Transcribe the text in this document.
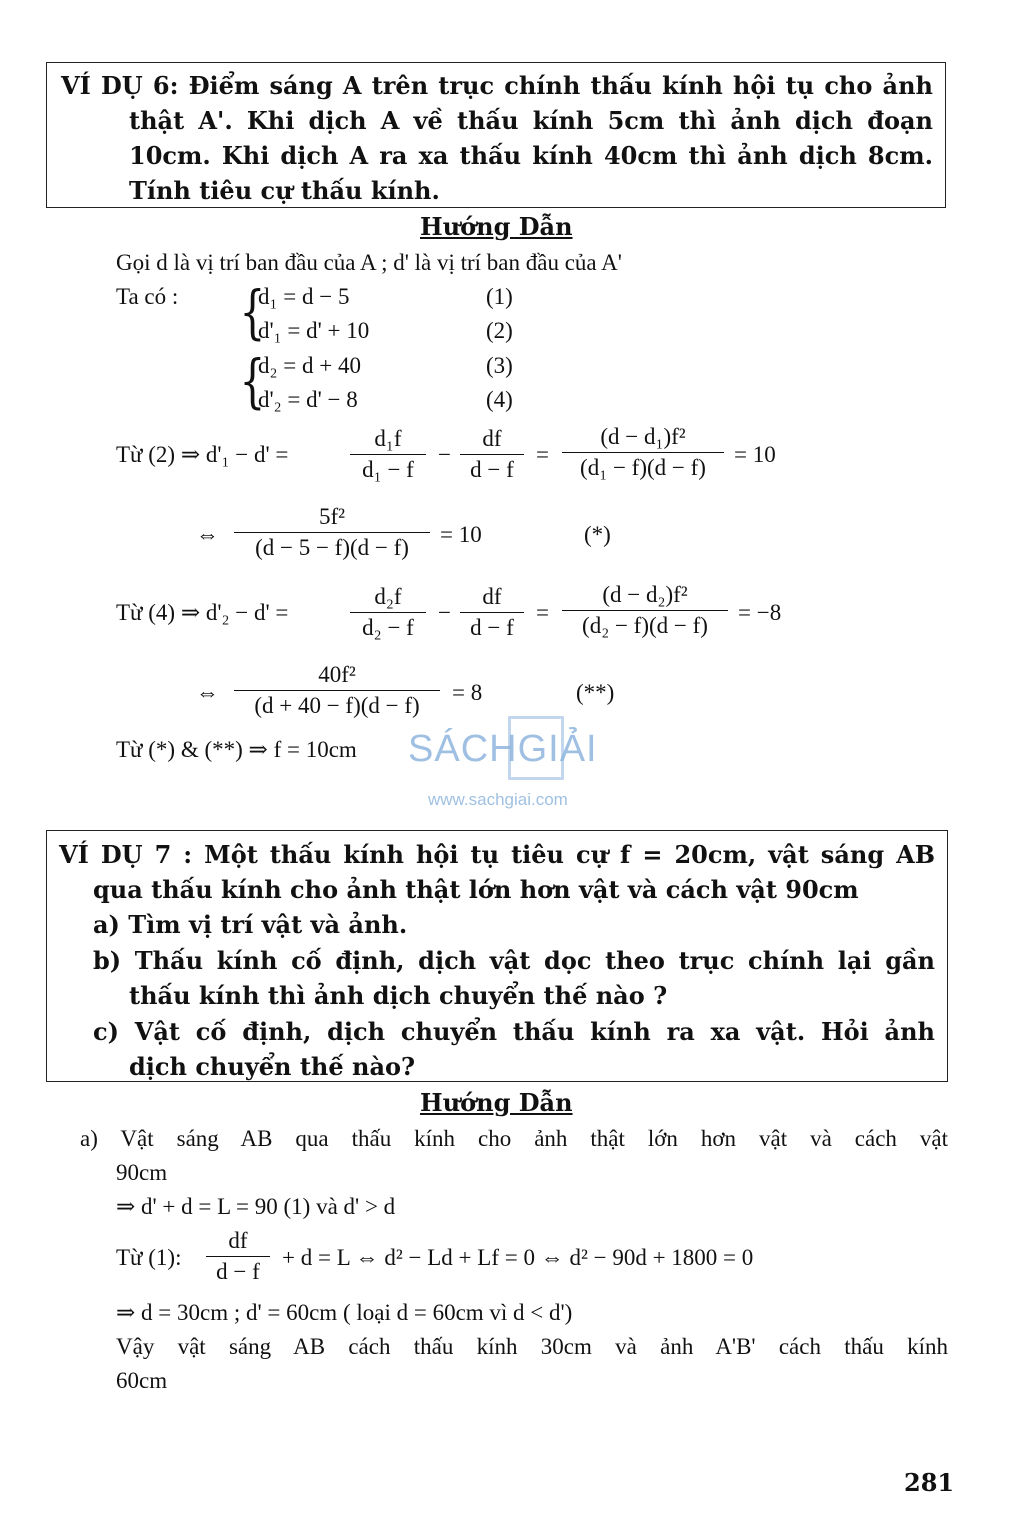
VÍ DỤ 6: Điểm sáng A trên trục chính thấu kính hội tụ cho ảnh
thật A'. Khi dịch A về thấu kính 5cm thì ảnh dịch đoạn
10cm. Khi dịch A ra xa thấu kính 40cm thì ảnh dịch 8cm.
Tính tiêu cự thấu kính.
Hướng Dẫn
Gọi d là vị trí ban đầu của A ; d' là vị trí ban đầu của A'
Ta có : {
d₁ = d − 5	(1)
d'₁ = d' + 10	(2)
{
d₂ = d + 40	(3)
d'₂ = d' − 8	(4)
Từ (2) ⇒ d'₁ − d' =
d₁f
d₁ − f
−
df
d − f
=
(d − d₁)f²
(d₁ − f)(d − f)
= 10
⇔
5f²
(d − 5 − f)(d − f)
= 10	(*)
Từ (4) ⇒ d'₂ − d' =
d₂f
d₂ − f
−
df
d − f
=
(d − d₂)f²
(d₂ − f)(d − f)
= −8
⇔
40f²
(d + 40 − f)(d − f)
= 8	(**)
Từ (*) & (**) ⇒ f = 10cm SÁCHGIẢI
www.sachgiai.com
VÍ DỤ 7 : Một thấu kính hội tụ tiêu cự f = 20cm, vật sáng AB
qua thấu kính cho ảnh thật lớn hơn vật và cách vật 90cm
a) Tìm vị trí vật và ảnh.
b) Thấu kính cố định, dịch vật dọc theo trục chính lại gần
thấu kính thì ảnh dịch chuyển thế nào ?
c) Vật cố định, dịch chuyển thấu kính ra xa vật. Hỏi ảnh
dịch chuyển thế nào?
Hướng Dẫn
a) Vật sáng AB qua thấu kính cho ảnh thật lớn hơn vật và cách vật
90cm
⇒ d' + d = L = 90 (1) và d' > d
Từ (1):
df
d − f
+ d = L ⇔ d² − Ld + Lf = 0 ⇔ d² − 90d + 1800 = 0
⇒ d = 30cm ; d' = 60cm ( loại d = 60cm vì d < d')
Vậy vật sáng AB cách thấu kính 30cm và ảnh A'B' cách thấu kính
60cm
281
